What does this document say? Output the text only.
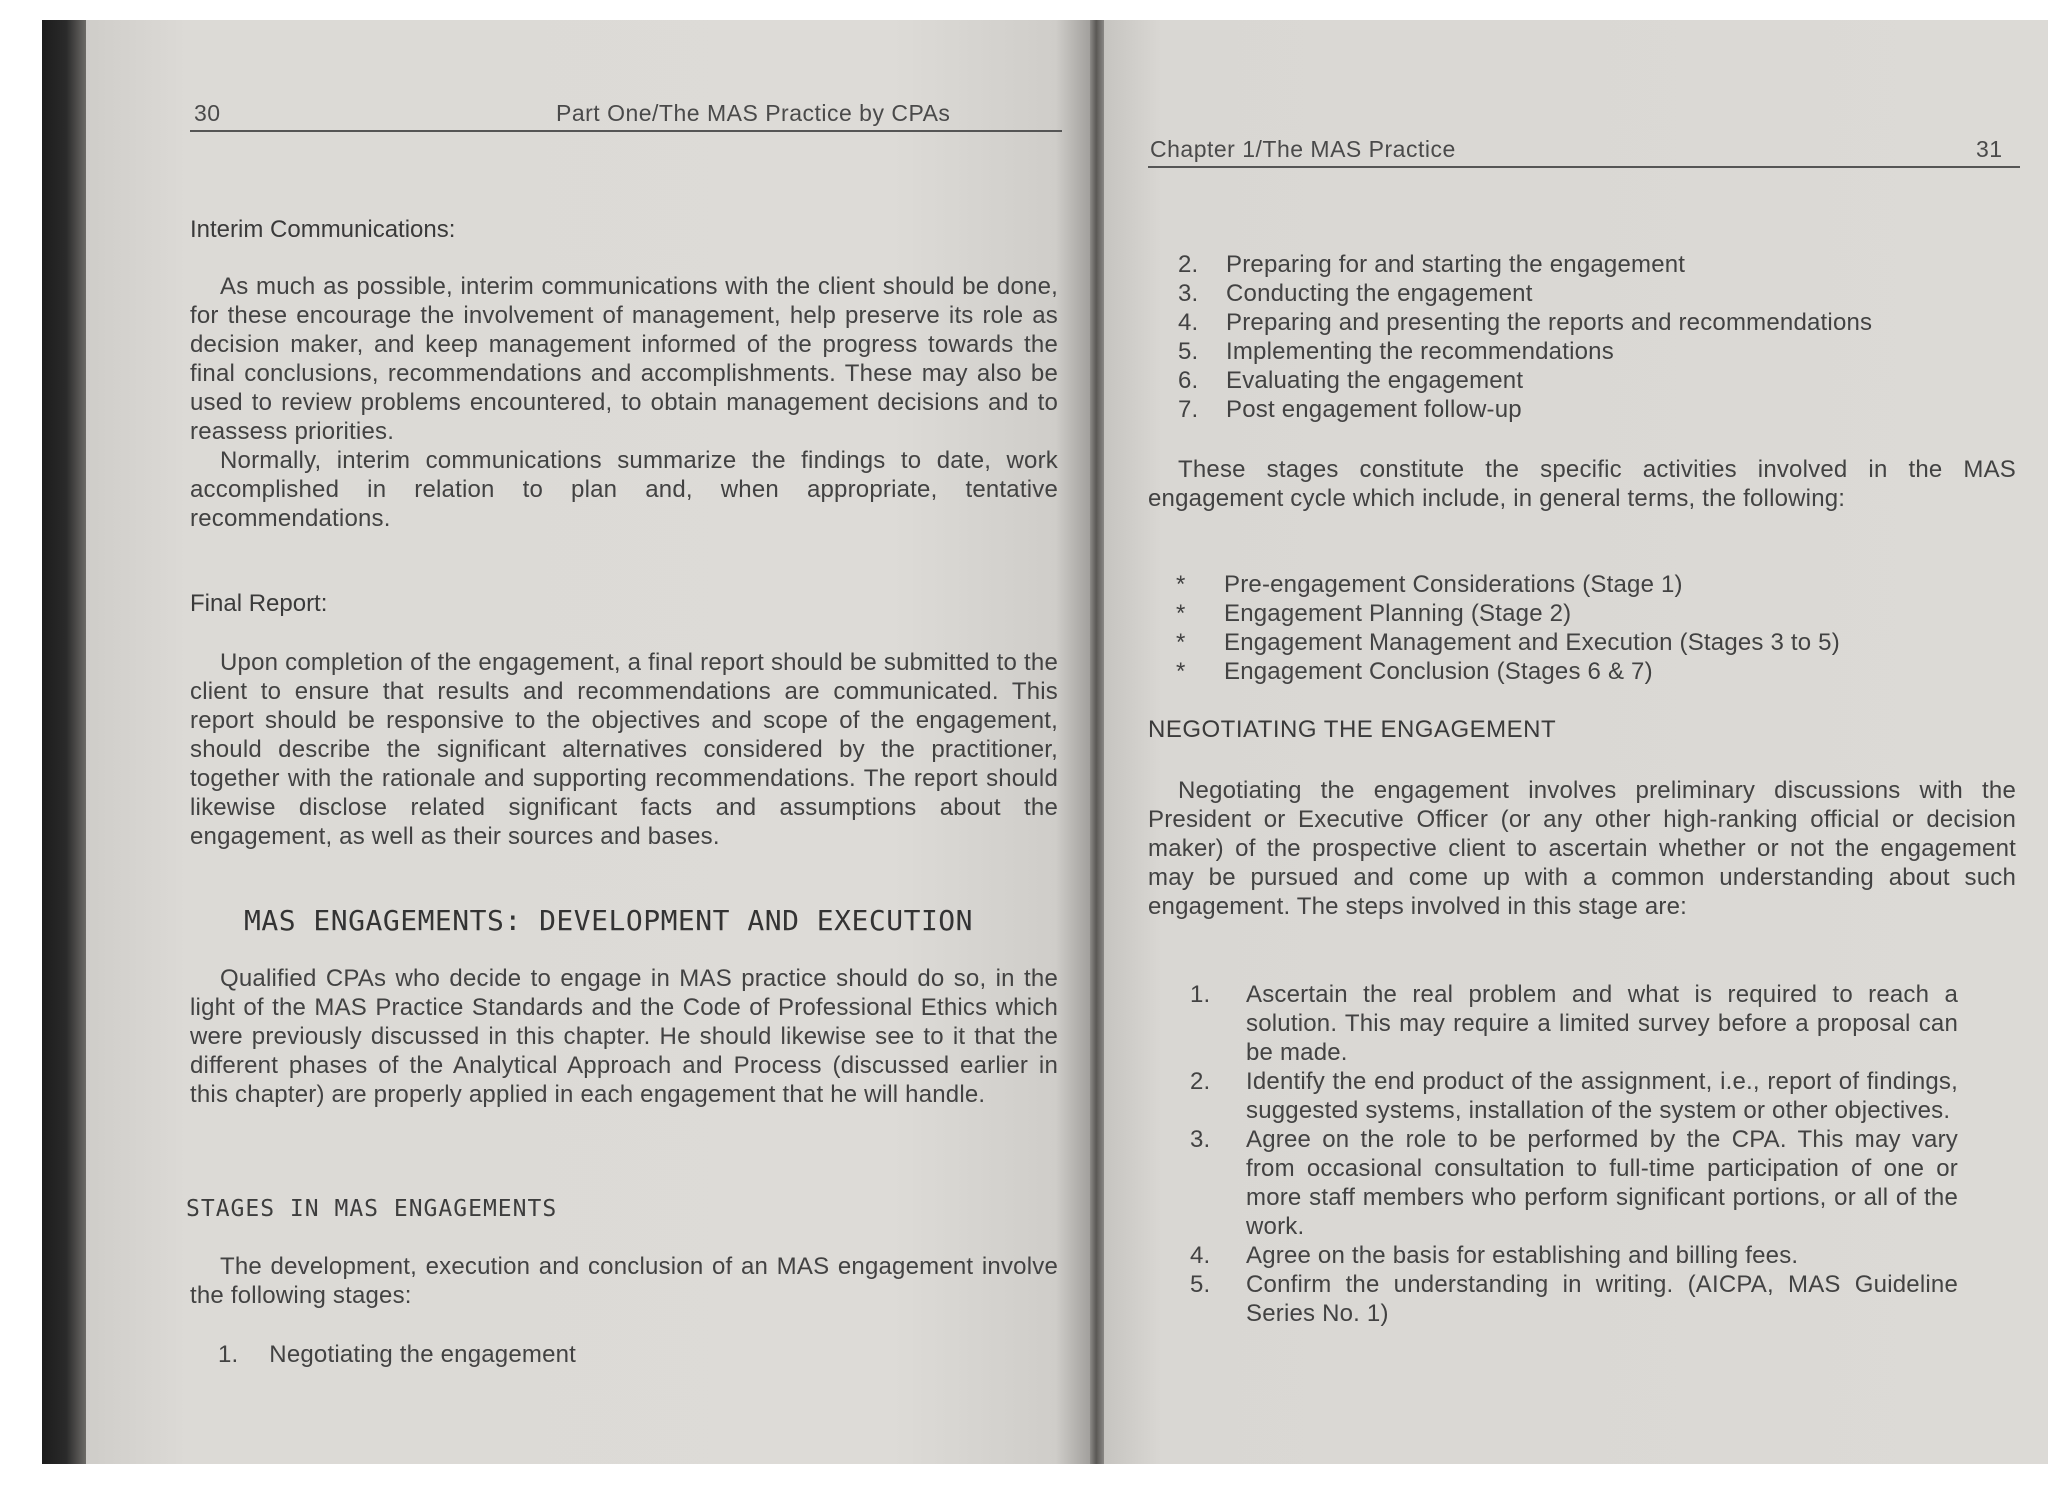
30	Part One/The MAS Practice by CPAs
Interim Communications:

As much as possible, interim communications with the client should be done, for these encourage the involvement of management, help preserve its role as decision maker, and keep management informed of the progress towards the final conclusions, recommendations and accomplishments. These may also be used to review problems encountered, to obtain management decisions and to reassess priorities.

Normally, interim communications summarize the findings to date, work accomplished in relation to plan and, when appropriate, tentative recommendations.

Final Report:

Upon completion of the engagement, a final report should be submitted to the client to ensure that results and recommendations are communicated. This report should be responsive to the objectives and scope of the engagement, should describe the significant alternatives considered by the practitioner, together with the rationale and supporting recommendations. The report should likewise disclose related significant facts and assumptions about the engagement, as well as their sources and bases.

MAS ENGAGEMENTS: DEVELOPMENT AND EXECUTION

Qualified CPAs who decide to engage in MAS practice should do so, in the light of the MAS Practice Standards and the Code of Professional Ethics which were previously discussed in this chapter. He should likewise see to it that the different phases of the Analytical Approach and Process (discussed earlier in this chapter) are properly applied in each engagement that he will handle.

STAGES IN MAS ENGAGEMENTS

The development, execution and conclusion of an MAS engagement involve the following stages:

1. Negotiating the engagement
Chapter 1/The MAS Practice	31
2. Preparing for and starting the engagement
3. Conducting the engagement
4. Preparing and presenting the reports and recommendations
5. Implementing the recommendations
6. Evaluating the engagement
7. Post engagement follow-up

These stages constitute the specific activities involved in the MAS engagement cycle which include, in general terms, the following:

* Pre-engagement Considerations (Stage 1)
* Engagement Planning (Stage 2)
* Engagement Management and Execution (Stages 3 to 5)
* Engagement Conclusion (Stages 6 & 7)
NEGOTIATING THE ENGAGEMENT

Negotiating the engagement involves preliminary discussions with the President or Executive Officer (or any other high-ranking official or decision maker) of the prospective client to ascertain whether or not the engagement may be pursued and come up with a common understanding about such engagement. The steps involved in this stage are:

1. Ascertain the real problem and what is required to reach a solution. This may require a limited survey before a proposal can be made.
2. Identify the end product of the assignment, i.e., report of findings, suggested systems, installation of the system or other objectives.
3. Agree on the role to be performed by the CPA. This may vary from occasional consultation to full-time participation of one or more staff members who perform significant portions, or all of the work.
4. Agree on the basis for establishing and billing fees.
5. Confirm the understanding in writing. (AICPA, MAS Guideline Series No. 1)
